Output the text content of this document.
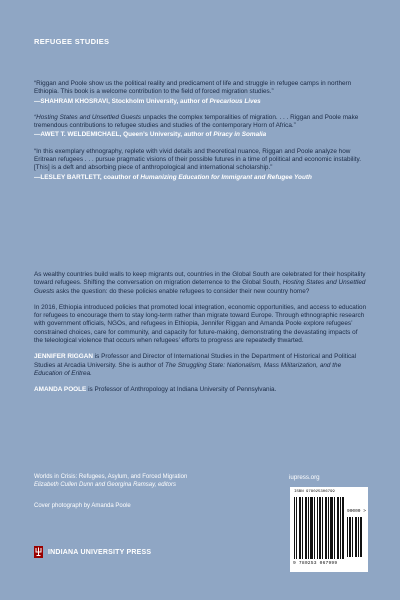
REFUGEE STUDIES
“Riggan and Poole show us the political reality and predicament of life and struggle in refugee camps in northern Ethiopia. This book is a welcome contribution to the field of forced migration studies.”
—SHAHRAM KHOSRAVI, Stockholm University, author of Precarious Lives
“Hosting States and Unsettled Guests unpacks the complex temporalities of migration. . . . Riggan and Poole make tremendous contributions to refugee studies and studies of the contemporary Horn of Africa.”
—AWET T. WELDEMICHAEL, Queen’s University, author of Piracy in Somalia
“In this exemplary ethnography, replete with vivid details and theoretical nuance, Riggan and Poole analyze how Eritrean refugees . . . pursue pragmatic visions of their possible futures in a time of political and economic instability. [This] is a deft and absorbing piece of anthropological and international scholarship.”
—LESLEY BARTLETT, coauthor of Humanizing Education for Immigrant and Refugee Youth

As wealthy countries build walls to keep migrants out, countries in the Global South are celebrated for their hospitality toward refugees. Shifting the conversation on migration deterrence to the Global South, Hosting States and Unsettled Guests asks the question: do these policies enable refugees to consider their new country home?

In 2016, Ethiopia introduced policies that promoted local integration, economic opportunities, and access to education for refugees to encourage them to stay long-term rather than migrate toward Europe. Through ethnographic research with government officials, NGOs, and refugees in Ethiopia, Jennifer Riggan and Amanda Poole explore refugees’ constrained choices, care for community, and capacity for future-making, demonstrating the devastating impacts of the teleological violence that occurs when refugees’ efforts to progress are repeatedly thwarted.

JENNIFER RIGGAN is Professor and Director of International Studies in the Department of Historical and Political Studies at Arcadia University. She is author of The Struggling State: Nationalism, Mass Militarization, and the Education of Eritrea.

AMANDA POOLE is Professor of Anthropology at Indiana University of Pennsylvania.

Worlds in Crisis: Refugees, Asylum, and Forced Migration
Elizabeth Cullen Dunn and Georgina Ramsay, editors
Cover photograph by Amanda Poole
iupress.org
ISBN 978025306799
90000 >
9 780253 067999
INDIANA UNIVERSITY PRESS
